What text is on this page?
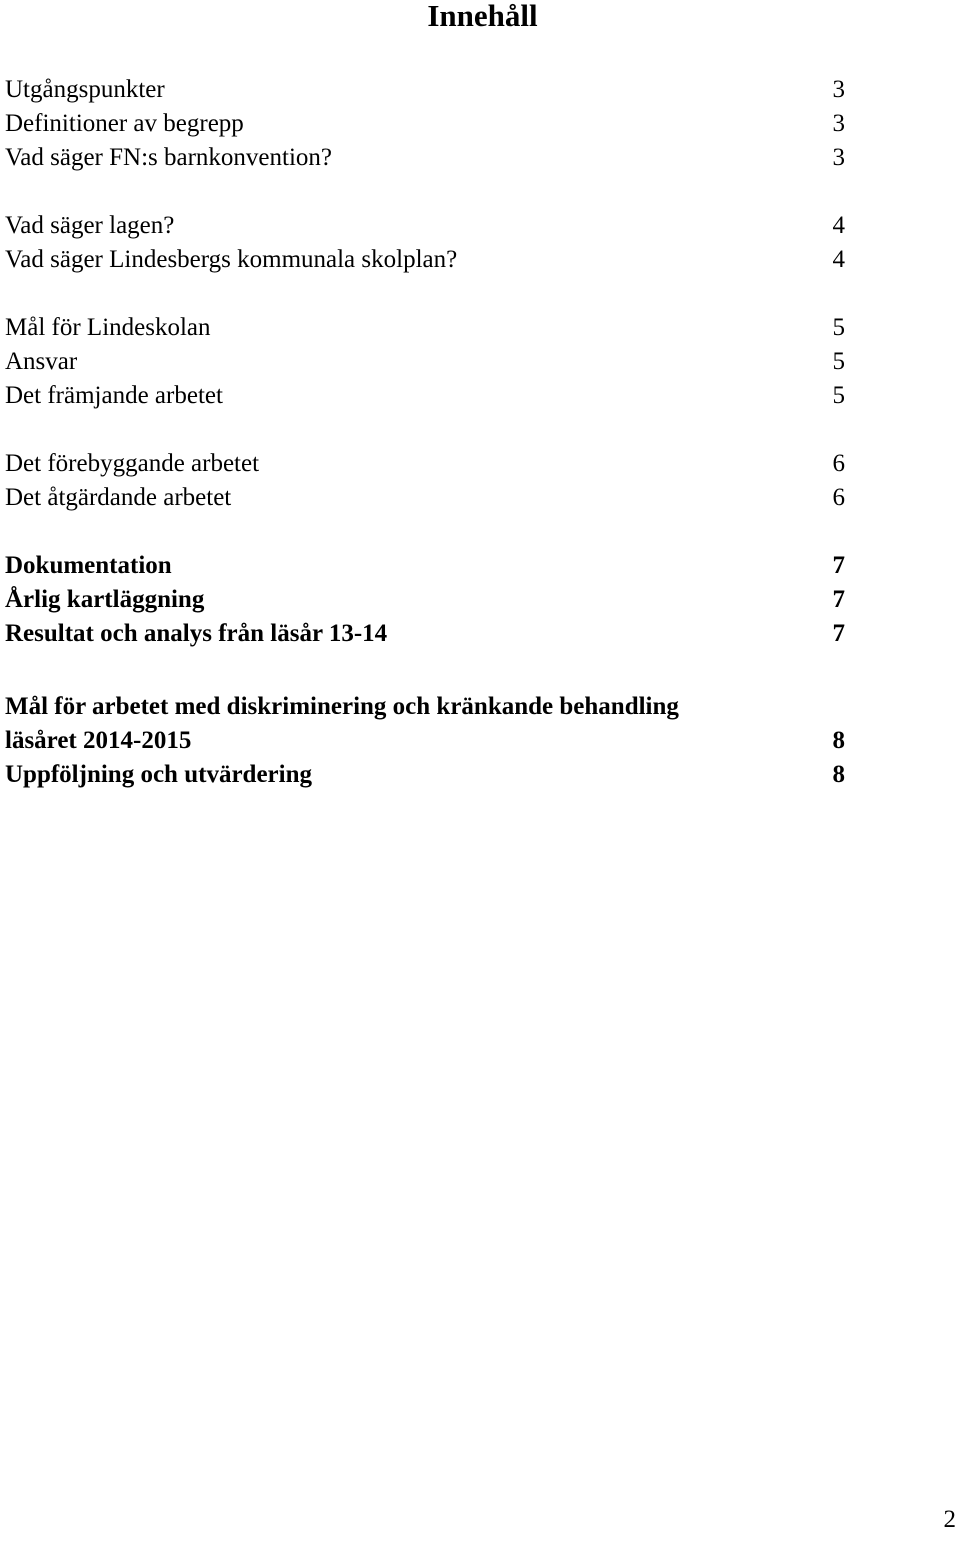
Innehåll
Utgångspunkter	3
Definitioner av begrepp	3
Vad säger FN:s barnkonvention?	3
Vad säger lagen?	4
Vad säger Lindesbergs kommunala skolplan?	4
Mål för Lindeskolan	5
Ansvar	5
Det främjande arbetet	5
Det förebyggande arbetet	6
Det åtgärdande arbetet	6
Dokumentation	7
Årlig kartläggning	7
Resultat och analys från läsår 13-14	7
Mål för arbetet med diskriminering och kränkande behandling
läsåret 2014-2015	8
Uppföljning och utvärdering	8
2
